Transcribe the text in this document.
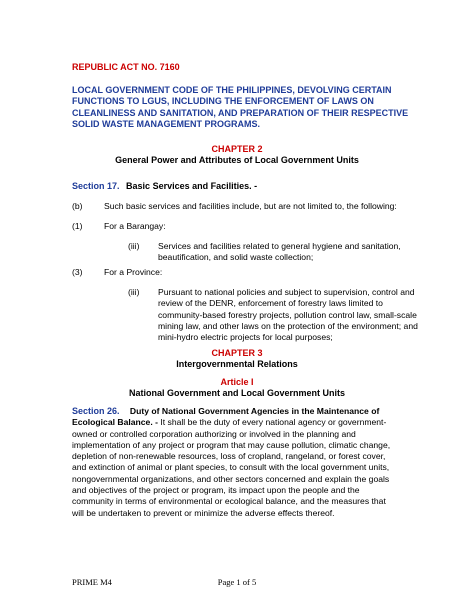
REPUBLIC ACT NO. 7160
LOCAL GOVERNMENT CODE OF THE PHILIPPINES, DEVOLVING CERTAIN
FUNCTIONS TO LGUS, INCLUDING THE ENFORCEMENT OF LAWS ON
CLEANLINESS AND SANITATION, AND PREPARATION OF THEIR RESPECTIVE
SOLID WASTE MANAGEMENT PROGRAMS.
CHAPTER 2
General Power and Attributes of Local Government Units
Section 17. Basic Services and Facilities. -
(b) Such basic services and facilities include, but are not limited to, the following:
(1) For a Barangay:
(iii) Services and facilities related to general hygiene and sanitation,
beautification, and solid waste collection;
(3) For a Province:
(iii) Pursuant to national policies and subject to supervision, control and
review of the DENR, enforcement of forestry laws limited to
community-based forestry projects, pollution control law, small-scale
mining law, and other laws on the protection of the environment; and
mini-hydro electric projects for local purposes;
CHAPTER 3
Intergovernmental Relations
Article I
National Government and Local Government Units
Section 26. Duty of National Government Agencies in the Maintenance of
Ecological Balance. - It shall be the duty of every national agency or government-
owned or controlled corporation authorizing or involved in the planning and
implementation of any project or program that may cause pollution, climatic change,
depletion of non-renewable resources, loss of cropland, rangeland, or forest cover,
and extinction of animal or plant species, to consult with the local government units,
nongovernmental organizations, and other sectors concerned and explain the goals
and objectives of the project or program, its impact upon the people and the
community in terms of environmental or ecological balance, and the measures that
will be undertaken to prevent or minimize the adverse effects thereof.
PRIME M4	Page 1 of 5
